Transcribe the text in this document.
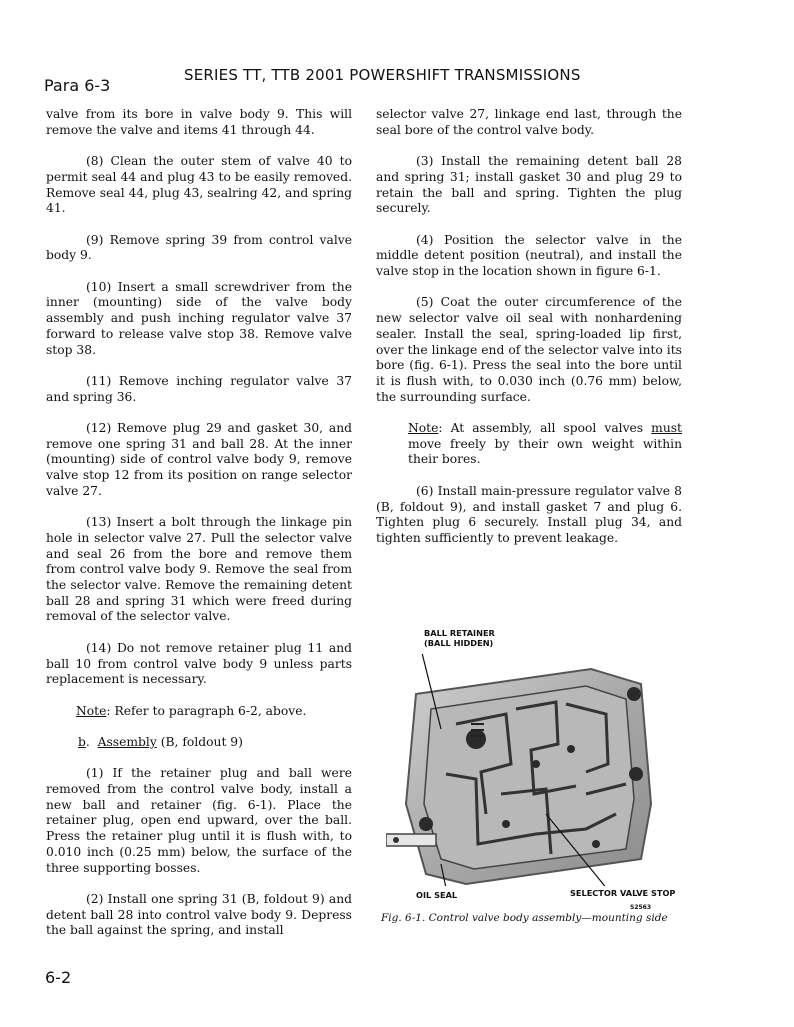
Para 6-3
SERIES TT, TTB 2001 POWERSHIFT TRANSMISSIONS

valve from its bore in valve body 9. This will remove the valve and items 41 through 44.

(8) Clean the outer stem of valve 40 to permit seal 44 and plug 43 to be easily removed. Remove seal 44, plug 43, sealring 42, and spring 41.

(9) Remove spring 39 from control valve body 9.

(10) Insert a small screwdriver from the inner (mounting) side of the valve body assembly and push inching regulator valve 37 forward to release valve stop 38. Remove valve stop 38.

(11) Remove inching regulator valve 37 and spring 36.

(12) Remove plug 29 and gasket 30, and remove one spring 31 and ball 28. At the inner (mounting) side of control valve body 9, remove valve stop 12 from its position on range selector valve 27.

(13) Insert a bolt through the linkage pin hole in selector valve 27. Pull the selector valve and seal 26 from the bore and remove them from control valve body 9. Remove the seal from the selector valve. Remove the remaining detent ball 28 and spring 31 which were freed during removal of the selector valve.

(14) Do not remove retainer plug 11 and ball 10 from control valve body 9 unless parts replacement is necessary.

Note: Refer to paragraph 6-2, above.
b.  Assembly (B, foldout 9)

(1) If the retainer plug and ball were removed from the control valve body, install a new ball and retainer (fig. 6-1). Place the retainer plug, open end upward, over the ball. Press the retainer plug until it is flush with, to 0.010 inch (0.25 mm) below, the surface of the three supporting bosses.

(2) Install one spring 31 (B, foldout 9) and detent ball 28 into control valve body 9. Depress the ball against the spring, and install

selector valve 27, linkage end last, through the seal bore of the control valve body.

(3) Install the remaining detent ball 28 and spring 31; install gasket 30 and plug 29 to retain the ball and spring. Tighten the plug securely.

(4) Position the selector valve in the middle detent position (neutral), and install the valve stop in the location shown in figure 6-1.

(5) Coat the outer circumference of the new selector valve oil seal with nonhardening sealer. Install the seal, spring-loaded lip first, over the linkage end of the selector valve into its bore (fig. 6-1). Press the seal into the bore until it is flush with, to 0.030 inch (0.76 mm) below, the surrounding surface.

Note: At assembly, all spool valves must move freely by their own weight within their bores.

(6) Install main-pressure regulator valve 8 (B, foldout 9), and install gasket 7 and plug 6. Tighten plug 6 securely. Install plug 34, and tighten sufficiently to prevent leakage.

BALL RETAINER
(BALL HIDDEN)
OIL SEAL	SELECTOR VALVE STOP
S2563
Fig. 6-1. Control valve body assembly—mounting side
6-2
